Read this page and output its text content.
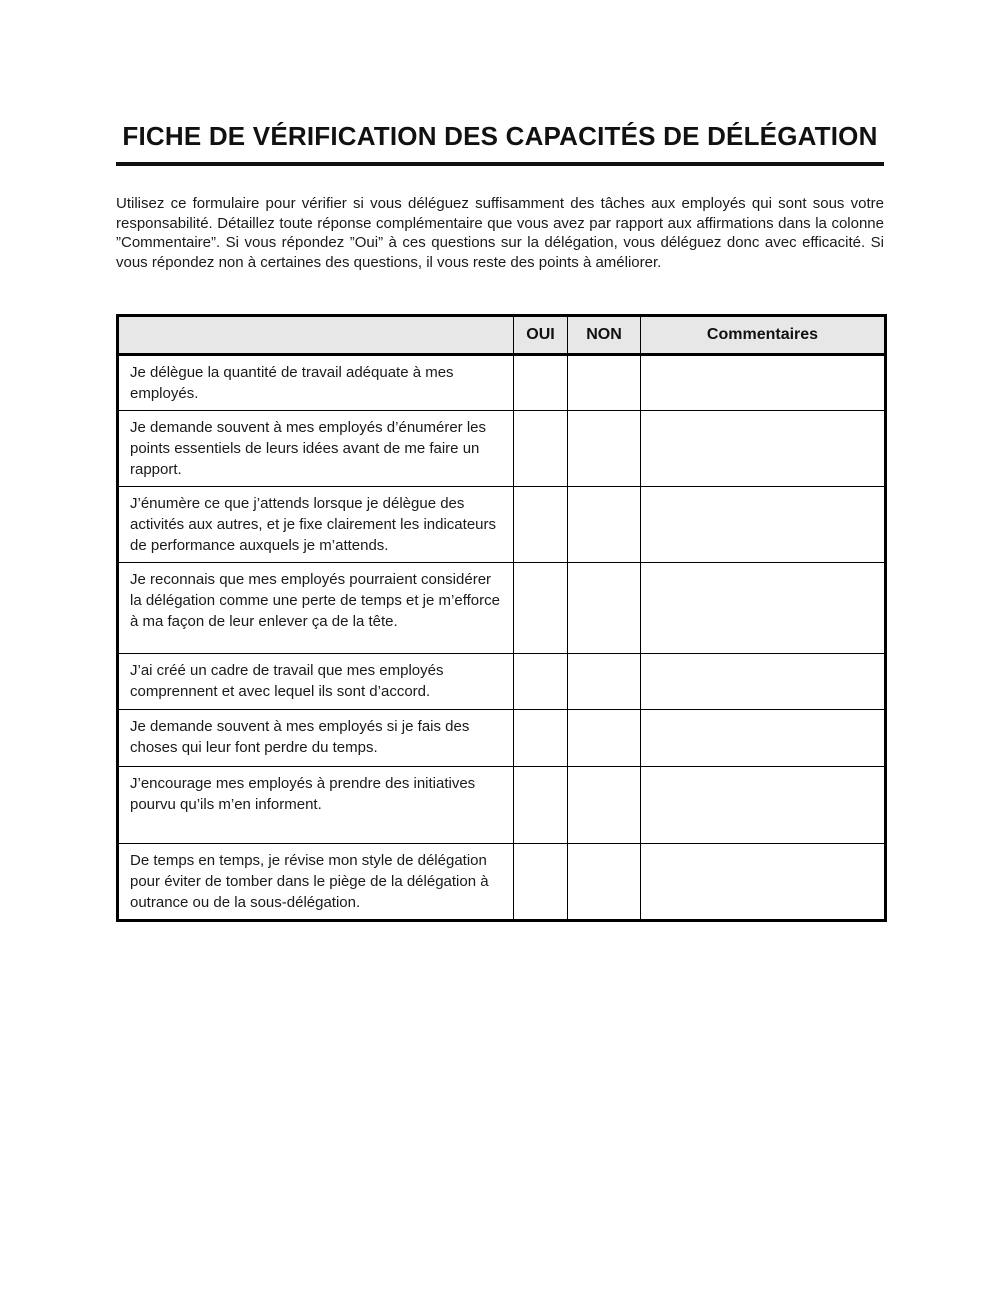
FICHE DE VÉRIFICATION DES CAPACITÉS DE DÉLÉGATION

Utilisez ce formulaire pour vérifier si vous déléguez suffisamment des tâches aux employés qui sont sous votre responsabilité. Détaillez toute réponse complémentaire que vous avez par rapport aux affirmations dans la colonne ”Commentaire”. Si vous répondez ”Oui” à ces questions sur la délégation, vous déléguez donc avec efficacité. Si vous répondez non à certaines des questions, il vous reste des points à améliorer.

	OUI	NON	Commentaires
Je délègue la quantité de travail adéquate à mes employés.			
Je demande souvent à mes employés d’énumérer les points essentiels de leurs idées avant de me faire un rapport.			
J’énumère ce que j’attends lorsque je délègue des activités aux autres, et je fixe clairement les indicateurs de performance auxquels je m’attends.			
Je reconnais que mes employés pourraient considérer la délégation comme une perte de temps et je m’efforce à ma façon de leur enlever ça de la tête.			
J’ai créé un cadre de travail que mes employés comprennent et avec lequel ils sont d’accord.			
Je demande souvent à mes employés si je fais des choses qui leur font perdre du temps.			
J’encourage mes employés à prendre des initiatives pourvu qu’ils m’en informent.			
De temps en temps, je révise mon style de délégation pour éviter de tomber dans le piège de la délégation à outrance ou de la sous-délégation.			
